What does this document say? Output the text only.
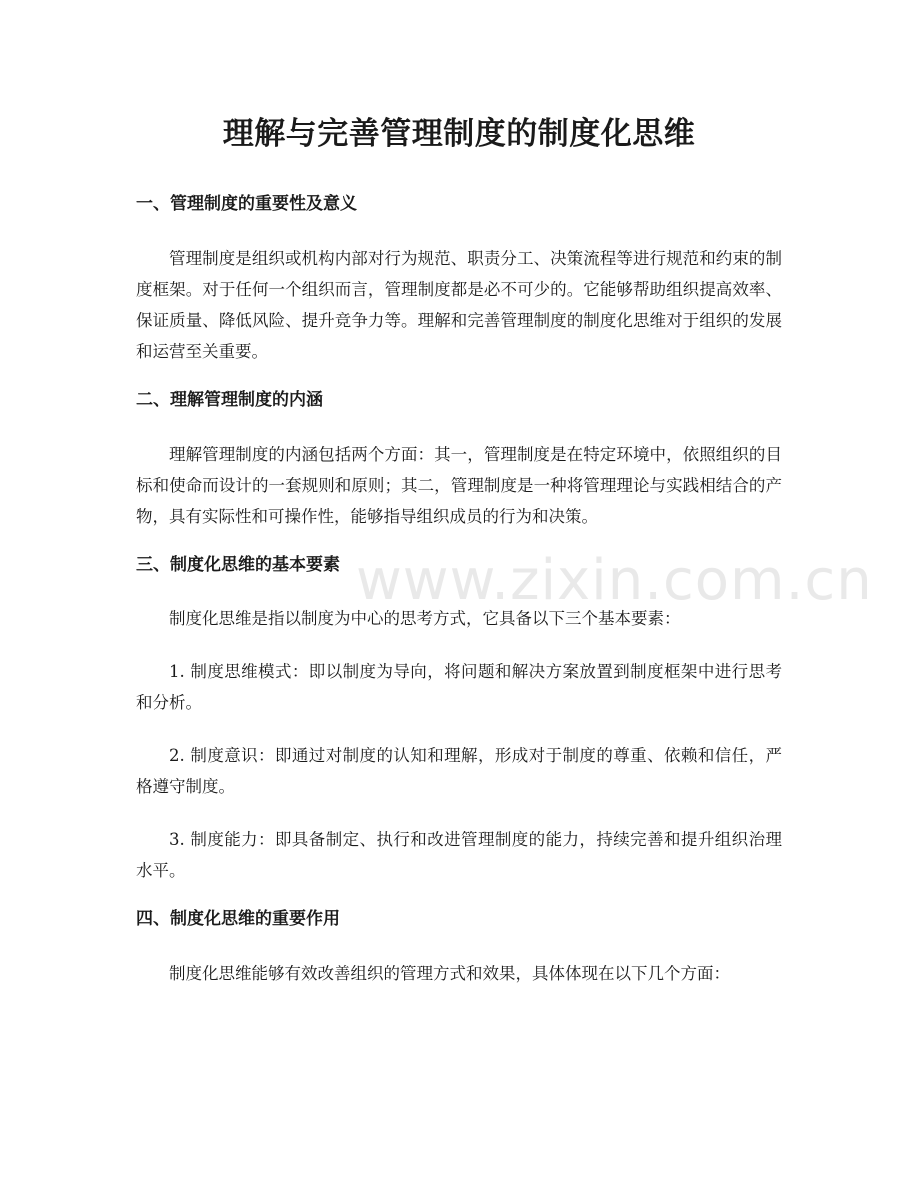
理解与完善管理制度的制度化思维
一、管理制度的重要性及意义

管理制度是组织或机构内部对行为规范、职责分工、决策流程等进行规范和约束的制度框架。对于任何一个组织而言，管理制度都是必不可少的。它能够帮助组织提高效率、保证质量、降低风险、提升竞争力等。理解和完善管理制度的制度化思维对于组织的发展和运营至关重要。

二、理解管理制度的内涵

理解管理制度的内涵包括两个方面：其一，管理制度是在特定环境中，依照组织的目标和使命而设计的一套规则和原则；其二，管理制度是一种将管理理论与实践相结合的产物，具有实际性和可操作性，能够指导组织成员的行为和决策。

三、制度化思维的基本要素

制度化思维是指以制度为中心的思考方式，它具备以下三个基本要素：

1. 制度思维模式：即以制度为导向，将问题和解决方案放置到制度框架中进行思考和分析。

2. 制度意识：即通过对制度的认知和理解，形成对于制度的尊重、依赖和信任，严格遵守制度。

3. 制度能力：即具备制定、执行和改进管理制度的能力，持续完善和提升组织治理水平。

四、制度化思维的重要作用

制度化思维能够有效改善组织的管理方式和效果，具体体现在以下几个方面：

www.zixin.com.cn
